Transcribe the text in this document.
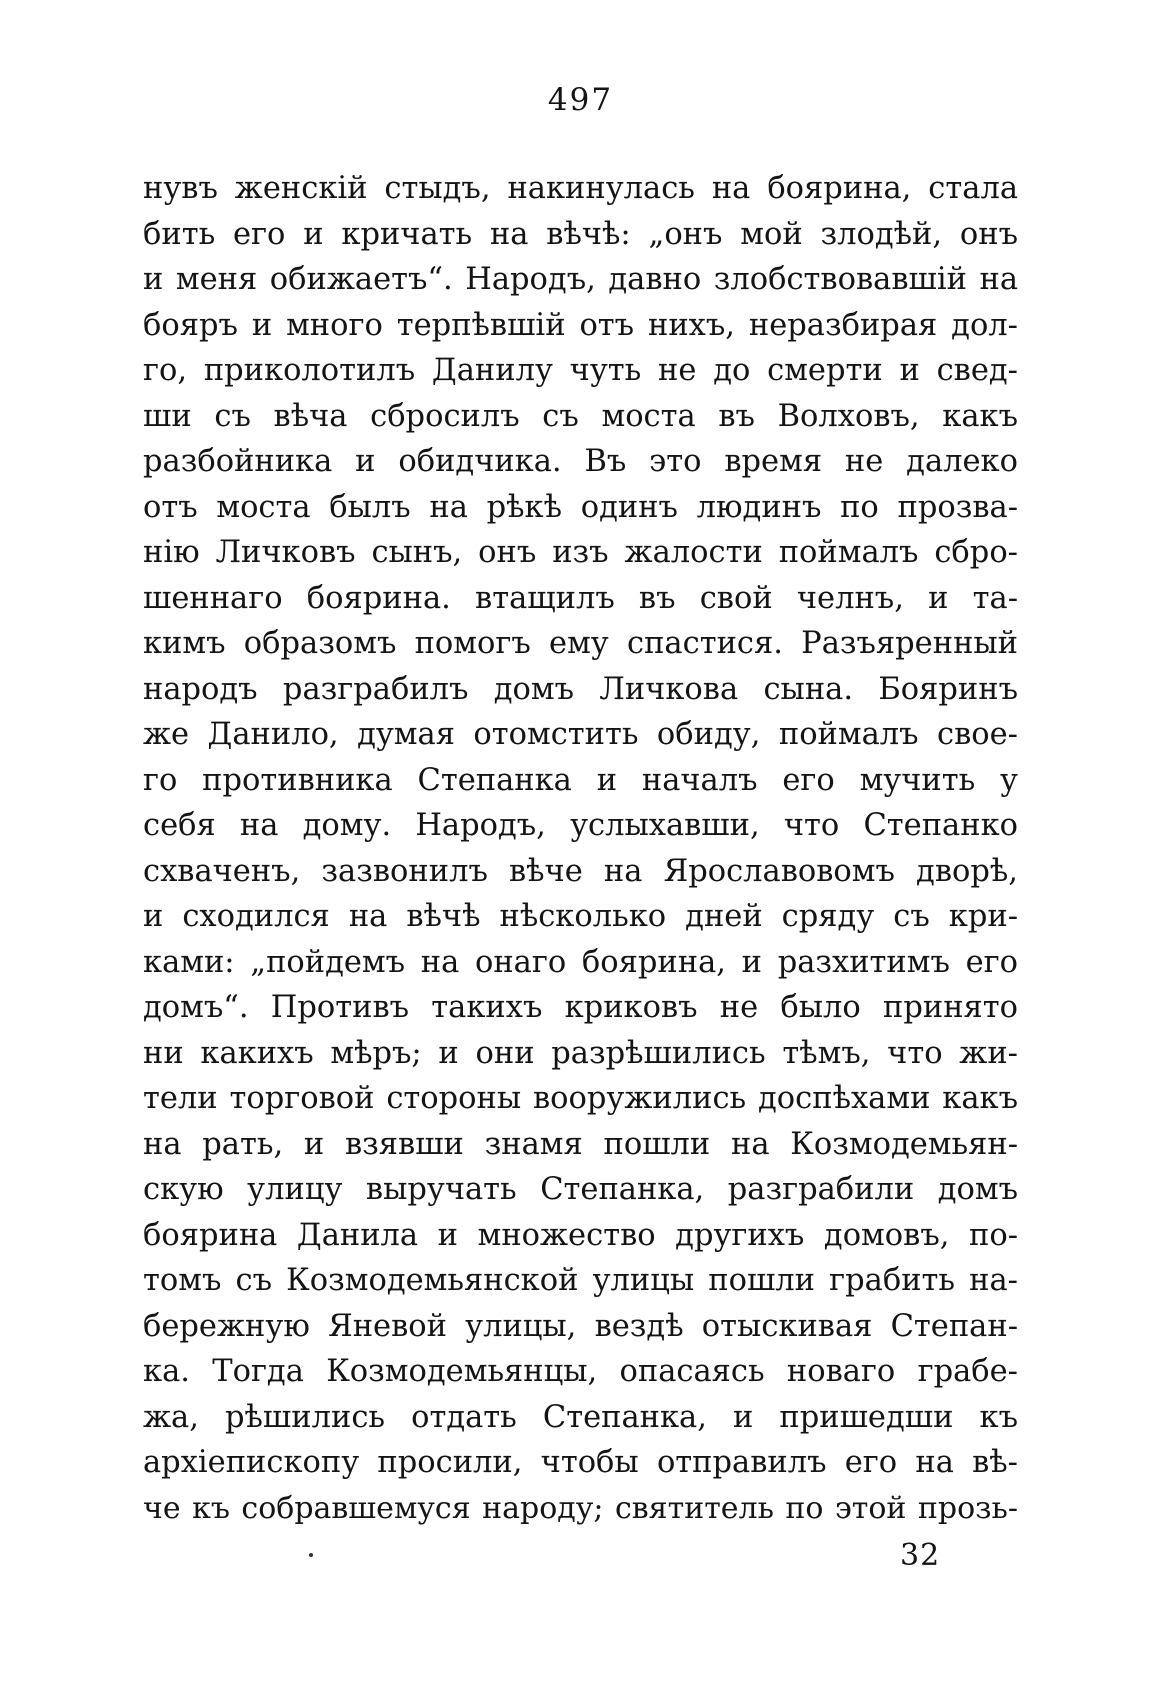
497
нувъ женскій стыдъ, накинулась на боярина, стала
бить его и кричать на вѣчѣ: „онъ мой злодѣй, онъ
и меня обижаетъ“. Народъ, давно злобствовавшій на
бояръ и много терпѣвшій отъ нихъ, неразбирая дол-
го, приколотилъ Данилу чуть не до смерти и свед-
ши съ вѣча сбросилъ съ моста въ Волховъ, какъ
разбойника и обидчика. Въ это время не далеко
отъ моста былъ на рѣкѣ одинъ людинъ по прозва-
нію Личковъ сынъ, онъ изъ жалости поймалъ сбро-
шеннаго боярина. втащилъ въ свой челнъ, и та-
кимъ образомъ помогъ ему спастися. Разъяренный
народъ разграбилъ домъ Личкова сына. Бояринъ
же Данило, думая отомстить обиду, поймалъ свое-
го противника Степанка и началъ его мучить у
себя на дому. Народъ, услыхавши, что Степанко
схваченъ, зазвонилъ вѣче на Ярославовомъ дворѣ,
и сходился на вѣчѣ нѣсколько дней сряду съ кри-
ками: „пойдемъ на онаго боярина, и разхитимъ его
домъ“. Противъ такихъ криковъ не было принято
ни какихъ мѣръ; и они разрѣшились тѣмъ, что жи-
тели торговой стороны вооружились доспѣхами какъ
на рать, и взявши знамя пошли на Козмодемьян-
скую улицу выручать Степанка, разграбили домъ
боярина Данила и множество другихъ домовъ, по-
томъ съ Козмодемьянской улицы пошли грабить на-
бережную Яневой улицы, вездѣ отыскивая Степан-
ка. Тогда Козмодемьянцы, опасаясь новаго грабе-
жа, рѣшились отдать Степанка, и пришедши къ
архіепископу просили, чтобы отправилъ его на вѣ-
че къ собравшемуся народу; святитель по этой прозь-
32
